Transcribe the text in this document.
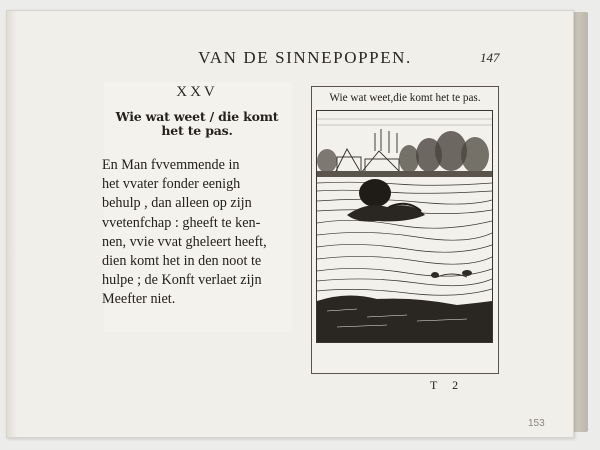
VAN DE SINNEPOPPEN.	147
XXV
Wie wat weet / die komt
het te pas.
En Man fvvemmende in
het vvater fonder eenigh
behulp , dan alleen op zijn
vvetenfchap : gheeft te ken-
nen, vvie vvat gheleert heeft,
dien komt het in den noot te
hulpe ; de Konft verlaet zijn
Meefter niet.
Wie wat weet,die komt het te pas.
T 2
153
